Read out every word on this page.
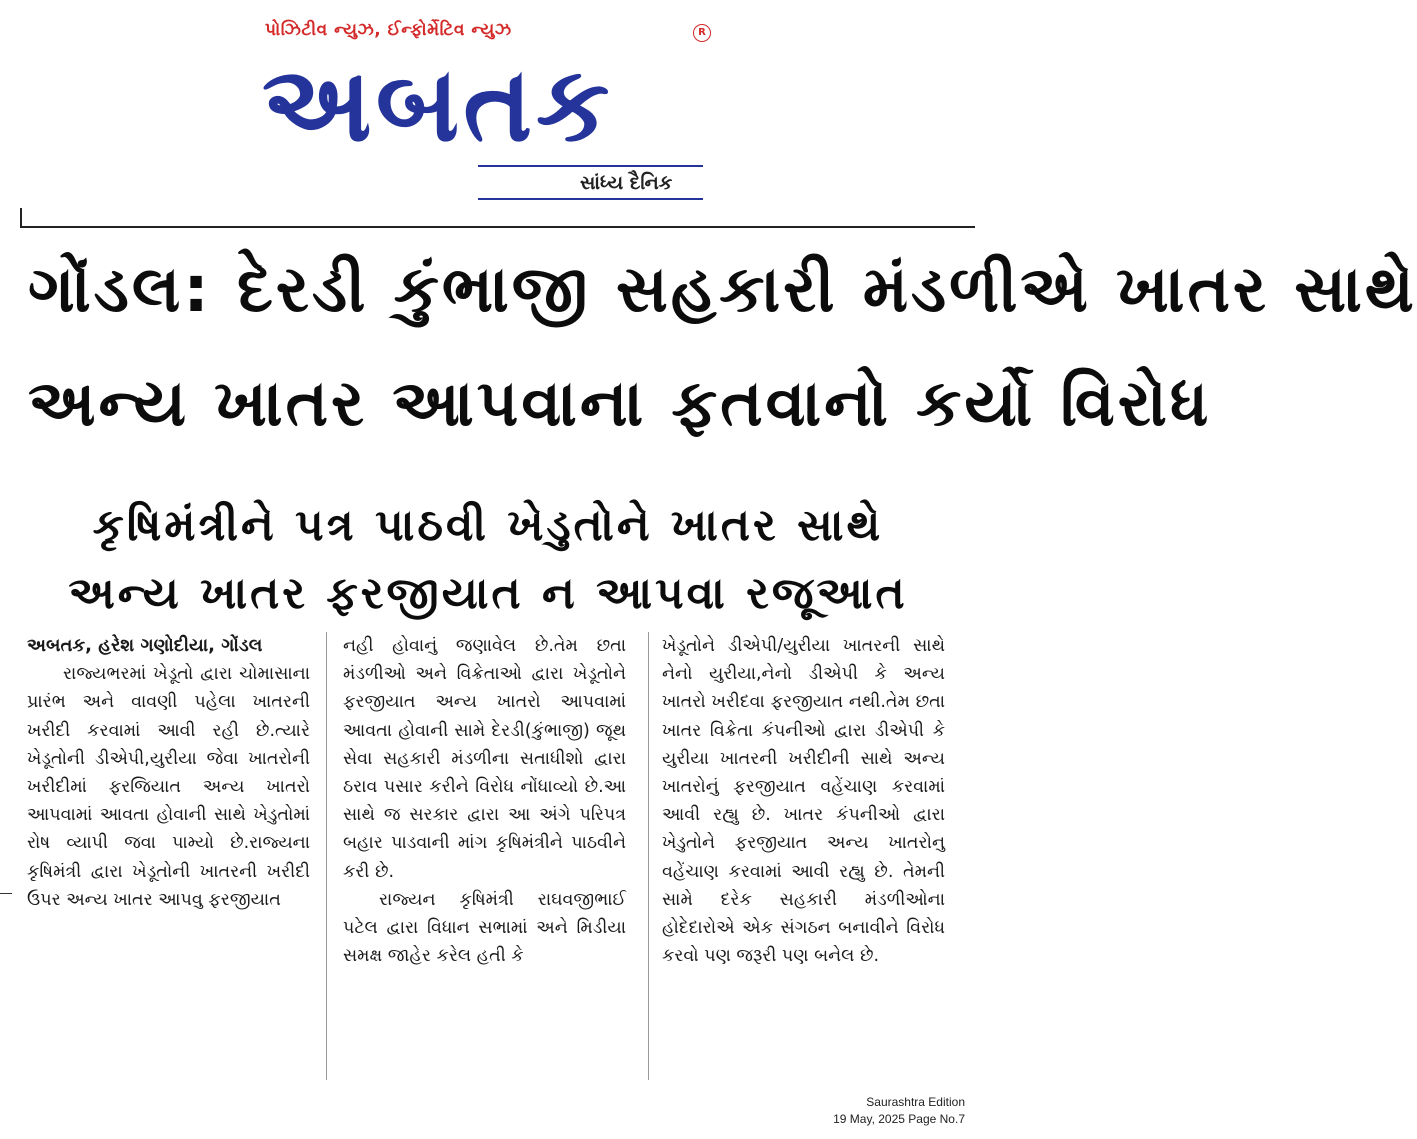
પોઝિટીવ ન્યુઝ, ઈન્ફોર્મેટિવ ન્યુઝ	R
અબતક
સાંધ્ય દૈનિક
ગોંડલ: દેરડી કુંભાજી સહકારી મંડળીએ ખાતર સાથે
અન્ય ખાતર આપવાના ફતવાનો કર્યો વિરોધ
કૃષિમંત્રીને પત્ર પાઠવી ખેડુતોને ખાતર સાથે
અન્ય ખાતર ફરજીયાત ન આપવા રજૂઆત

અબતક, હરેશ ગણોદીયા, ગોંડલ

રાજ્યભરમાં ખેડૂતો દ્વારા ચોમાસાના પ્રારંભ અને વાવણી પહેલા ખાતરની ખરીદી કરવામાં આવી રહી છે.ત્યારે ખેડૂતોની ડીએપી,યુરીયા જેવા ખાતરોની ખરીદીમાં ફરજિયાત અન્ય ખાતરો આપવામાં આવતા હોવાની સાથે ખેડુતોમાં રોષ વ્યાપી જવા પામ્યો છે.રાજ્યના કૃષિમંત્રી દ્વારા ખેડૂતોની ખાતરની ખરીદી ઉપર અન્ય ખાતર આપવુ ફરજીયાત

નહી હોવાનું જણાવેલ છે.તેમ છતા મંડળીઓ અને વિક્રેતાઓ દ્વારા ખેડૂતોને ફરજીયાત અન્ય ખાતરો આપવામાં આવતા હોવાની સામે દેરડી(કુંભાજી) જૂથ સેવા સહકારી મંડળીના સતાધીશો દ્વારા ઠરાવ પસાર કરીને વિરોધ નોંધાવ્યો છે.આ સાથે જ સરકાર દ્વારા આ અંગે પરિપત્ર બહાર પાડવાની માંગ કૃષિમંત્રીને પાઠવીને કરી છે.

રાજ્યન કૃષિમંત્રી રાઘવજીભાઈ પટેલ દ્વારા વિધાન સભામાં અને મિડીયા સમક્ષ જાહેર કરેલ હતી કે

ખેડૂતોને ડીએપી/યુરીયા ખાતરની સાથે નેનો યુરીયા,નેનો ડીએપી કે અન્ય ખાતરો ખરીદવા ફરજીયાત નથી.તેમ છતા ખાતર વિક્રેતા કંપનીઓ દ્વારા ડીએપી કે યુરીયા ખાતરની ખરીદીની સાથે અન્ય ખાતરોનું ફરજીયાત વહેંચાણ કરવામાં આવી રહ્યુ છે. ખાતર કંપનીઓ દ્વારા ખેડુતોને ફરજીયાત અન્ય ખાતરોનુ વહેંચાણ કરવામાં આવી રહ્યુ છે. તેમની સામે દરેક સહકારી મંડળીઓના હોદેદારોએ એક સંગઠન બનાવીને વિરોધ કરવો પણ જરૂરી પણ બનેલ છે.

Saurashtra Edition
19 May, 2025 Page No.7
